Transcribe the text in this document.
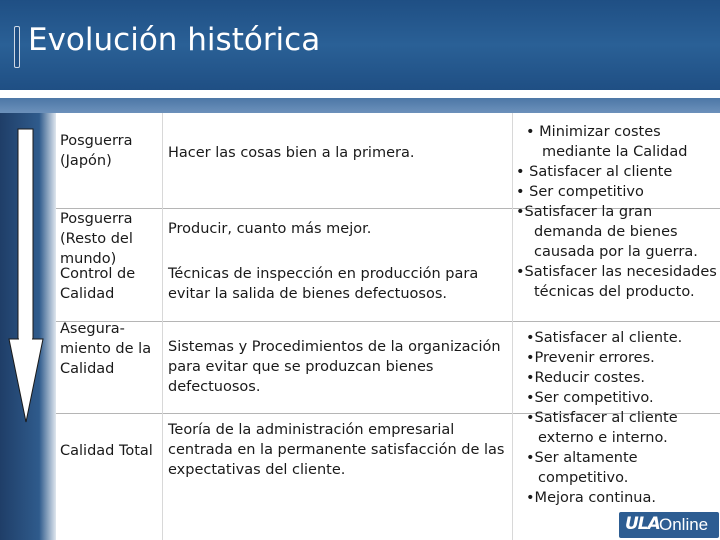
Evolución histórica
Posguerra (Japón)	Hacer las cosas bien a la primera.
Posguerra (Resto del mundo)
Producir, cuanto más mejor.
Control de Calidad
Técnicas de inspección en producción para evitar la salida de bienes defectuosos.
Asegura-miento de la Calidad
Sistemas y Procedimientos de la organización para evitar que se produzcan bienes defectuosos.
Calidad Total
Teoría de la administración empresarial centrada en la permanente satisfacción de las expectativas del cliente.
• Minimizar costes
mediante la Calidad
• Satisfacer al cliente
• Ser competitivo
•Satisfacer la gran
demanda de bienes
causada por la guerra.
•Satisfacer las necesidades
técnicas del producto.
•Satisfacer al cliente.
•Prevenir errores.
•Reducir costes.
•Ser competitivo.
•Satisfacer al cliente
externo e interno.
•Ser altamente
competitivo.
•Mejora continua.
ULA Online
